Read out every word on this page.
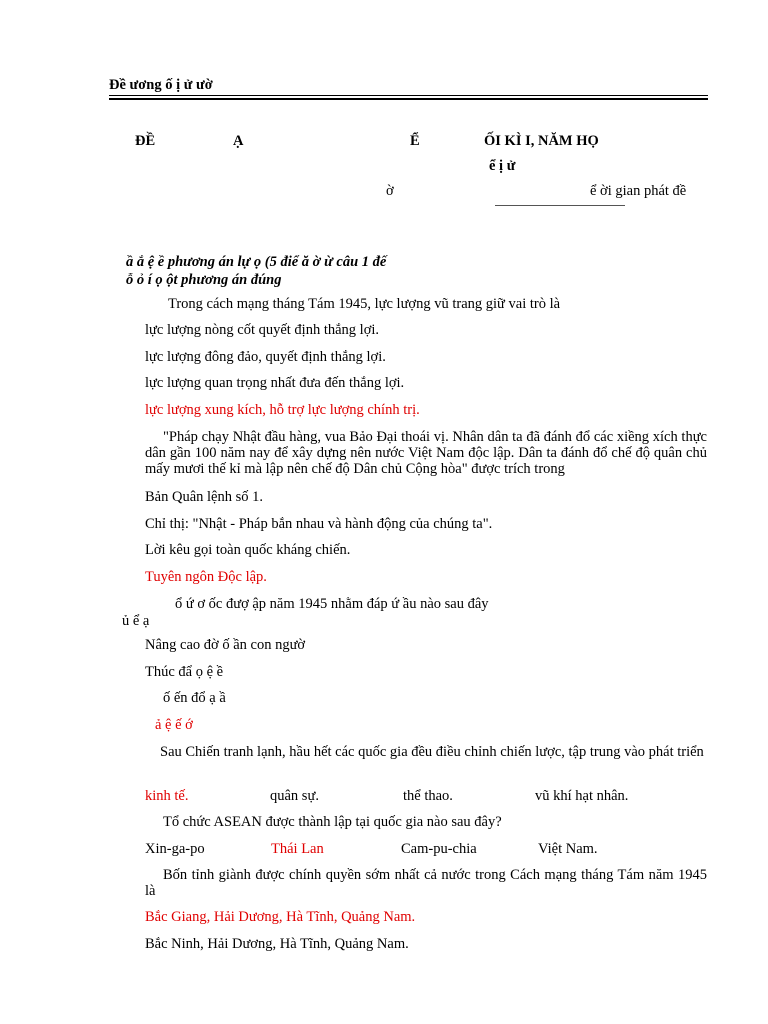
Đề ương ố ị ử ườ
ĐỀ	Ạ	Ể	ỐI KÌ I, NĂM HỌ
ể ị ử
ờ	ể ời gian phát đề
ầ ắ ệ ề phương án lự ọ (5 điể ă ờ ừ câu 1 đế
ỗ ỏ í ọ ột phương án đúng
Trong cách mạng tháng Tám 1945, lực lượng vũ trang giữ vai trò là
lực lượng nòng cốt quyết định thắng lợi.
lực lượng đông đảo, quyết định thắng lợi.
lực lượng quan trọng nhất đưa đến thắng lợi.
lực lượng xung kích, hỗ trợ lực lượng chính trị.
"Pháp chạy Nhật đầu hàng, vua Bảo Đại thoái vị. Nhân dân ta đã đánh đổ các xiềng xích thực dân gần 100 năm nay để xây dựng nên nước Việt Nam độc lập. Dân ta đánh đổ chế độ quân chủ mấy mươi thế kỉ mà lập nên chế độ Dân chủ Cộng hòa" được trích trong
Bản Quân lệnh số 1.
Chỉ thị: "Nhật - Pháp bắn nhau và hành động của chúng ta".
Lời kêu gọi toàn quốc kháng chiến.
Tuyên ngôn Độc lập.
ổ ứ ơ ốc đượ ập năm 1945 nhằm đáp ứ ầu nào sau đây
ủ ể ạ
Nâng cao đờ ố ần con ngườ
Thúc đẩ ọ ệ ề
ố ến đổ ạ ầ
ả ệ ế ớ
Sau Chiến tranh lạnh, hầu hết các quốc gia đều điều chỉnh chiến lược, tập trung vào phát triển
kinh tế.	quân sự.	thể thao.	vũ khí hạt nhân.
Tổ chức ASEAN được thành lập tại quốc gia nào sau đây?
Xin-ga-po	Thái Lan	Cam-pu-chia	Việt Nam.
Bốn tỉnh giành được chính quyền sớm nhất cả nước trong Cách mạng tháng Tám năm 1945 là
Bắc Giang, Hải Dương, Hà Tĩnh, Quảng Nam.
Bắc Ninh, Hải Dương, Hà Tĩnh, Quảng Nam.
